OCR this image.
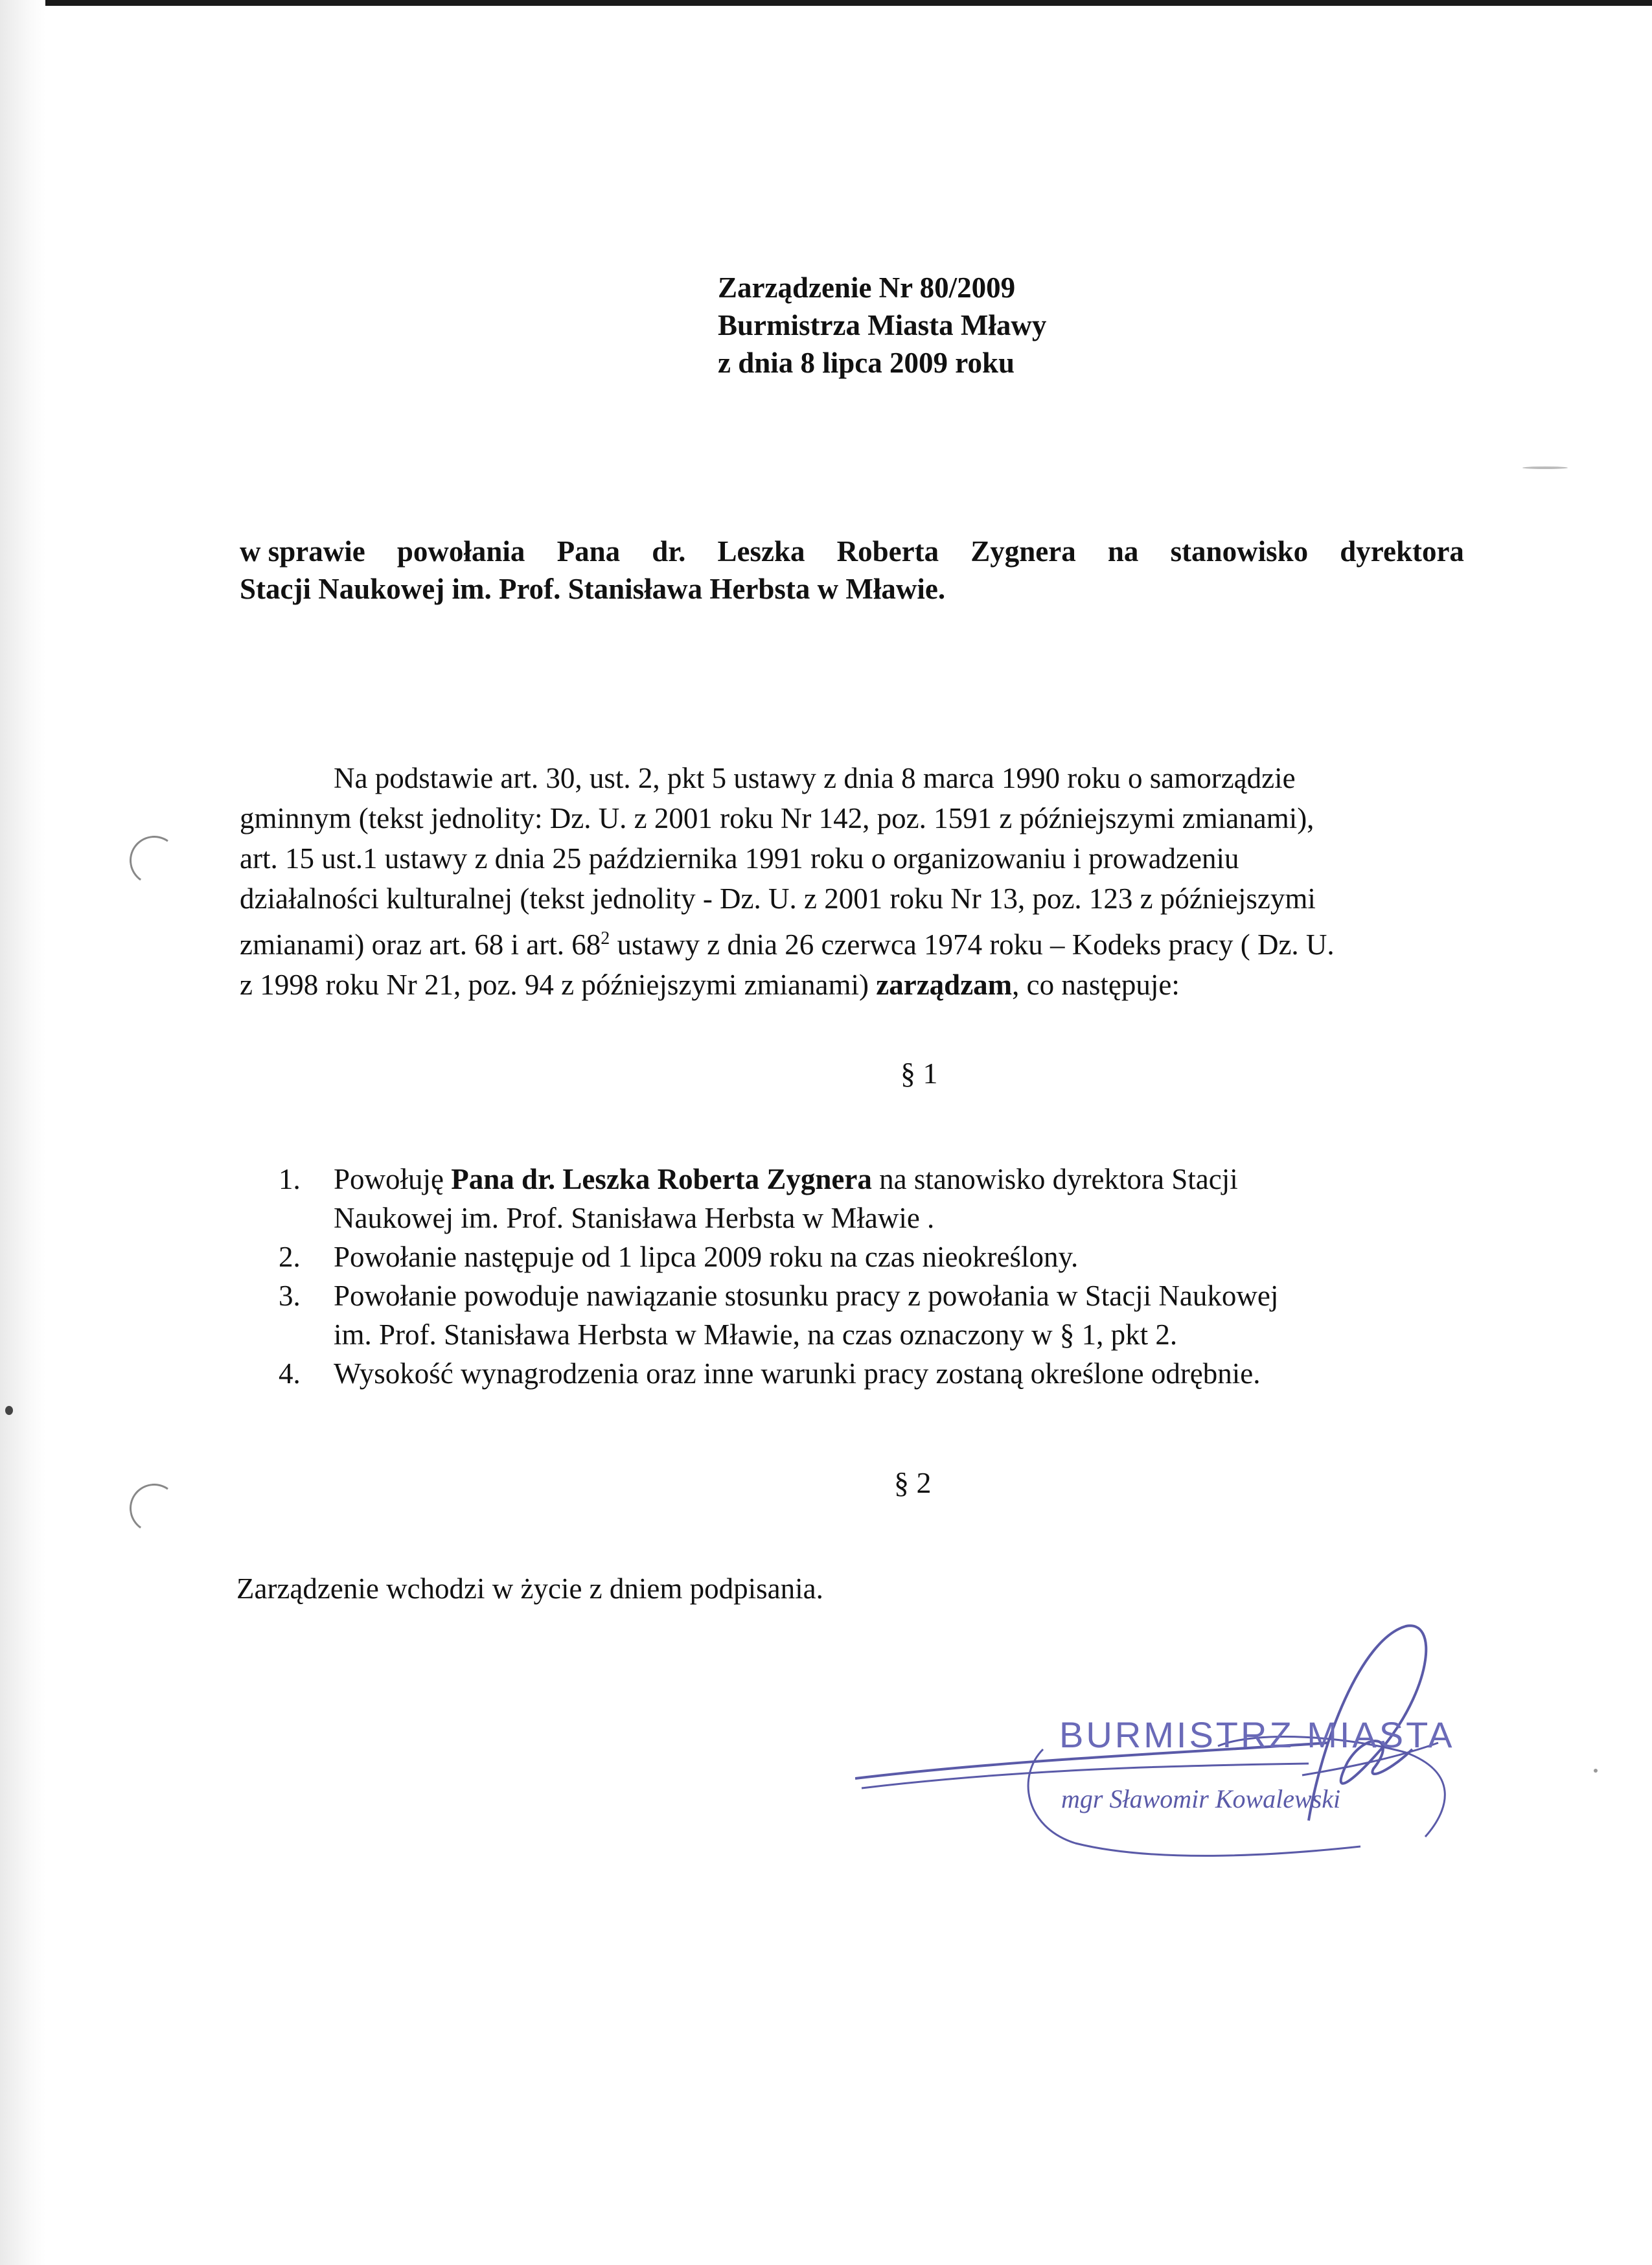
Zarządzenie Nr 80/2009
Burmistrza Miasta Mławy
z dnia 8 lipca 2009 roku
w sprawie powołania Pana dr. Leszka Roberta Zygnera na stanowisko dyrektora
Stacji Naukowej im. Prof. Stanisława Herbsta w Mławie.
Na podstawie art. 30, ust. 2, pkt 5 ustawy z dnia 8 marca 1990 roku o samorządzie
gminnym (tekst jednolity: Dz. U. z 2001 roku Nr 142, poz. 1591 z późniejszymi zmianami),
art. 15 ust.1 ustawy z dnia 25 października 1991 roku o organizowaniu i prowadzeniu
działalności kulturalnej (tekst jednolity - Dz. U. z 2001 roku Nr 13, poz. 123 z późniejszymi
zmianami) oraz art. 68 i art. $68^2$ ustawy z dnia 26 czerwca 1974 roku – Kodeks pracy ( Dz. U.
z 1998 roku Nr 21, poz. 94 z późniejszymi zmianami) zarządzam, co następuje:
§ 1
1.	Powołuję Pana dr. Leszka Roberta Zygnera na stanowisko dyrektora Stacji
Naukowej im. Prof. Stanisława Herbsta w Mławie .
2.	Powołanie następuje od 1 lipca 2009 roku na czas nieokreślony.
3.	Powołanie powoduje nawiązanie stosunku pracy z powołania w Stacji Naukowej
im. Prof. Stanisława Herbsta w Mławie, na czas oznaczony w § 1, pkt 2.
4.	Wysokość wynagrodzenia oraz inne warunki pracy zostaną określone odrębnie.
§ 2
Zarządzenie wchodzi w życie z dniem podpisania.
BURMISTRZ MIASTA
mgr Sławomir Kowalewski
